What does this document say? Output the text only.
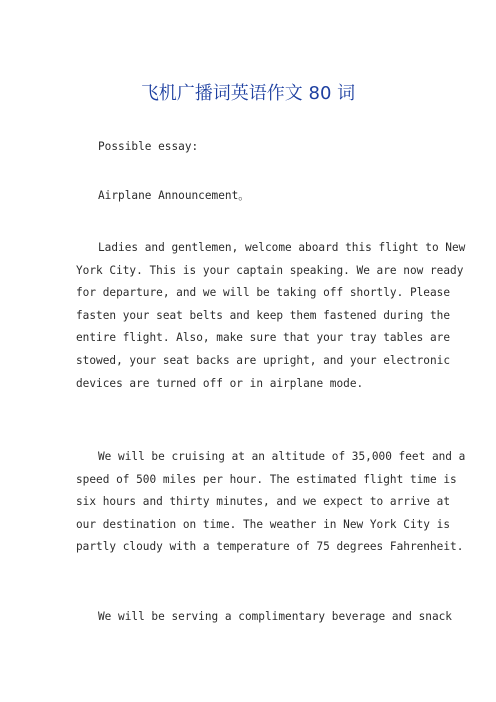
飞机广播词英语作文 80 词

Possible essay:

Airplane Announcement。

Ladies and gentlemen, welcome aboard this flight to New
York City. This is your captain speaking. We are now ready
for departure, and we will be taking off shortly. Please
fasten your seat belts and keep them fastened during the
entire flight. Also, make sure that your tray tables are
stowed, your seat backs are upright, and your electronic
devices are turned off or in airplane mode.
We will be cruising at an altitude of 35,000 feet and a
speed of 500 miles per hour. The estimated flight time is
six hours and thirty minutes, and we expect to arrive at
our destination on time. The weather in New York City is
partly cloudy with a temperature of 75 degrees Fahrenheit.
We will be serving a complimentary beverage and snack
